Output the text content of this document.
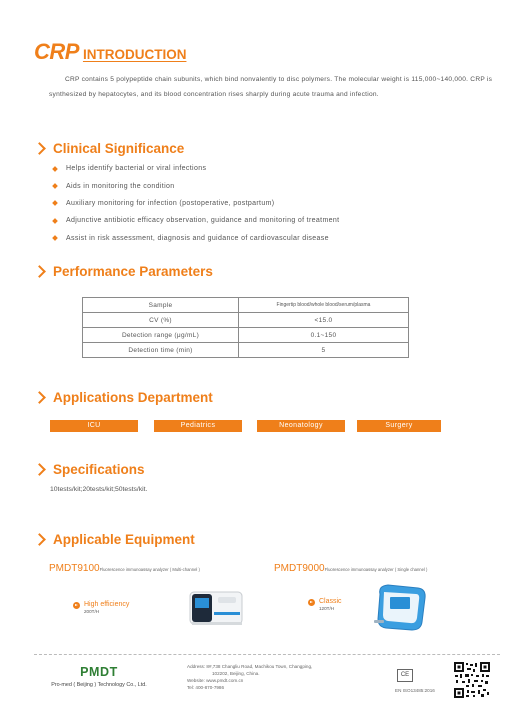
CRP INTRODUCTION

CRP contains 5 polypeptide chain subunits, which bind nonvalently to disc polymers. The molecular weight is 115,000~140,000. CRP is synthesized by hepatocytes, and its blood concentration rises sharply during acute trauma and infection.

Clinical Significance
Helps identify bacterial or viral infections
Aids in monitoring the condition
Auxiliary monitoring for infection (postoperative, postpartum)
Adjunctive antibiotic efficacy observation, guidance and monitoring of treatment
Assist in risk assessment, diagnosis and guidance of cardiovascular disease
Performance Parameters
Sample	Fingertip blood/whole blood/serum/plasma
CV (%)	<15.0
Detection range (μg/mL)	0.1~150
Detection time (min)	5
Applications Department
ICU	Pediatrics	Neonatology	Surgery
Specifications
10tests/kit;20tests/kit;50tests/kit.
Applicable Equipment
PMDT9100 Fluorescence immunoassay analyzer ( Multi-channel )	PMDT9000 Fluorescence immunoassay analyzer ( Single channel )
High efficiency
200T/H
Classic
120T/H
PMDT
Pro-med ( Beijing ) Technology Co., Ltd.
Address: 8#,738 Changliu Road, Machikou Town, Changping,
102202, Beijing, China.
Website: www.pmdt.com.cn
Tel: 400-870-7986
CE
EN ISO13485:2016
